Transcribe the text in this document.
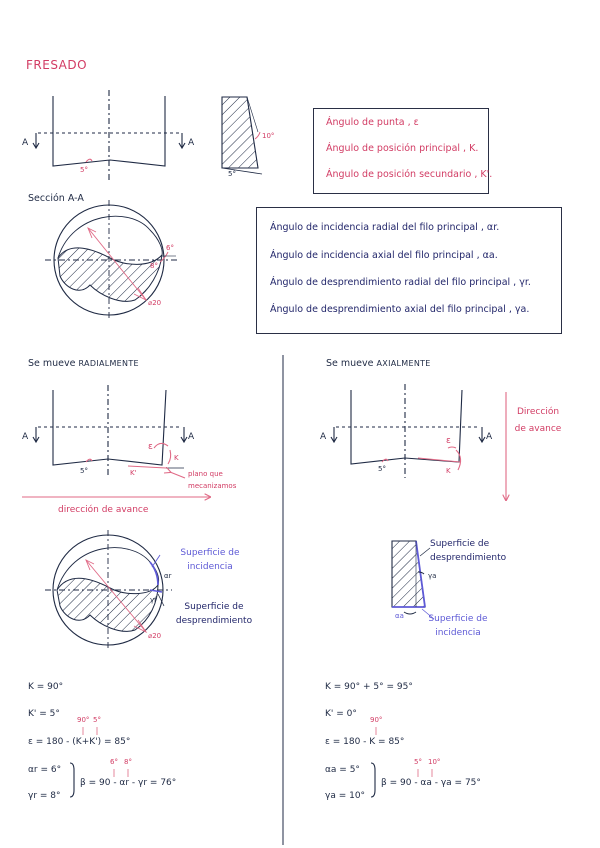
FRESADO
A	A
5°
10°
5°
Sección A-A
6°
8°
⌀20
Ángulo de punta , ε
Ángulo de posición principal , K.
Ángulo de posición secundario , K'.
Ángulo de incidencia radial del filo principal , αr.
Ángulo de incidencia axial del filo principal , αa.
Ángulo de desprendimiento radial del filo principal , γr.
Ángulo de desprendimiento axial del filo principal , γa.
Se mueve RADIALMENTE
A	A
5°	K'
ε
K
plano que mecanizamos
dirección de avance
Superficie de incidencia
αr
γr
Superficie de desprendimiento
⌀20
K = 90°
K' = 5°
90° 5°
ε = 180 - (K+K') = 85°
αr = 6°
γr = 8°
6° 8°
β = 90 - αr - γr = 76°
Se mueve AXIALMENTE
A	A
5°
ε
K
Dirección de avance
Superficie de desprendimiento
γa
αa	Superficie de incidencia
K = 90° + 5° = 95°
K' = 0°
90°
ε = 180 - K = 85°
αa = 5°
γa = 10°
5° 10°
β = 90 - αa - γa = 75°
